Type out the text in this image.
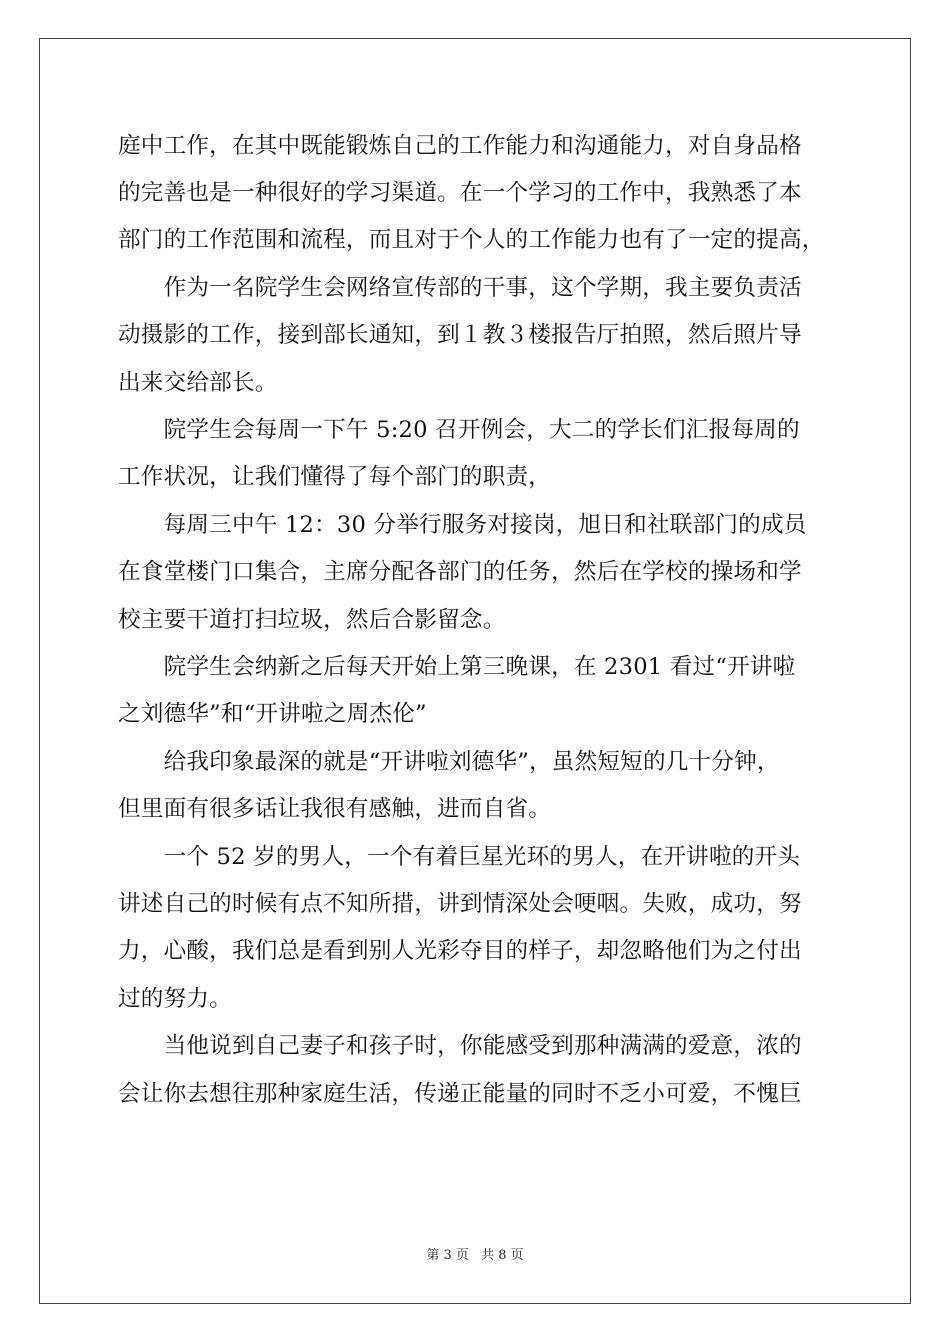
庭中工作，在其中既能锻炼自己的工作能力和沟通能力，对自身品格
的完善也是一种很好的学习渠道。在一个学习的工作中，我熟悉了本
部门的工作范围和流程，而且对于个人的工作能力也有了一定的提高，
　　作为一名院学生会网络宣传部的干事，这个学期，我主要负责活
动摄影的工作，接到部长通知，到１教３楼报告厅拍照，然后照片导
出来交给部长。
　　院学生会每周一下午 5:20 召开例会，大二的学长们汇报每周的
工作状况，让我们懂得了每个部门的职责，
　　每周三中午 12：30 分举行服务对接岗，旭日和社联部门的成员
在食堂楼门口集合，主席分配各部门的任务，然后在学校的操场和学
校主要干道打扫垃圾，然后合影留念。
　　院学生会纳新之后每天开始上第三晚课，在 2301 看过“开讲啦
之刘德华”和“开讲啦之周杰伦”
　　给我印象最深的就是“开讲啦刘德华”，虽然短短的几十分钟，
但里面有很多话让我很有感触，进而自省。
　　一个 52 岁的男人，一个有着巨星光环的男人，在开讲啦的开头
讲述自己的时候有点不知所措，讲到情深处会哽咽。失败，成功，努
力，心酸，我们总是看到别人光彩夺目的样子，却忽略他们为之付出
过的努力。
　　当他说到自己妻子和孩子时，你能感受到那种满满的爱意，浓的
会让你去想往那种家庭生活，传递正能量的同时不乏小可爱，不愧巨
第 3 页 共 8 页
